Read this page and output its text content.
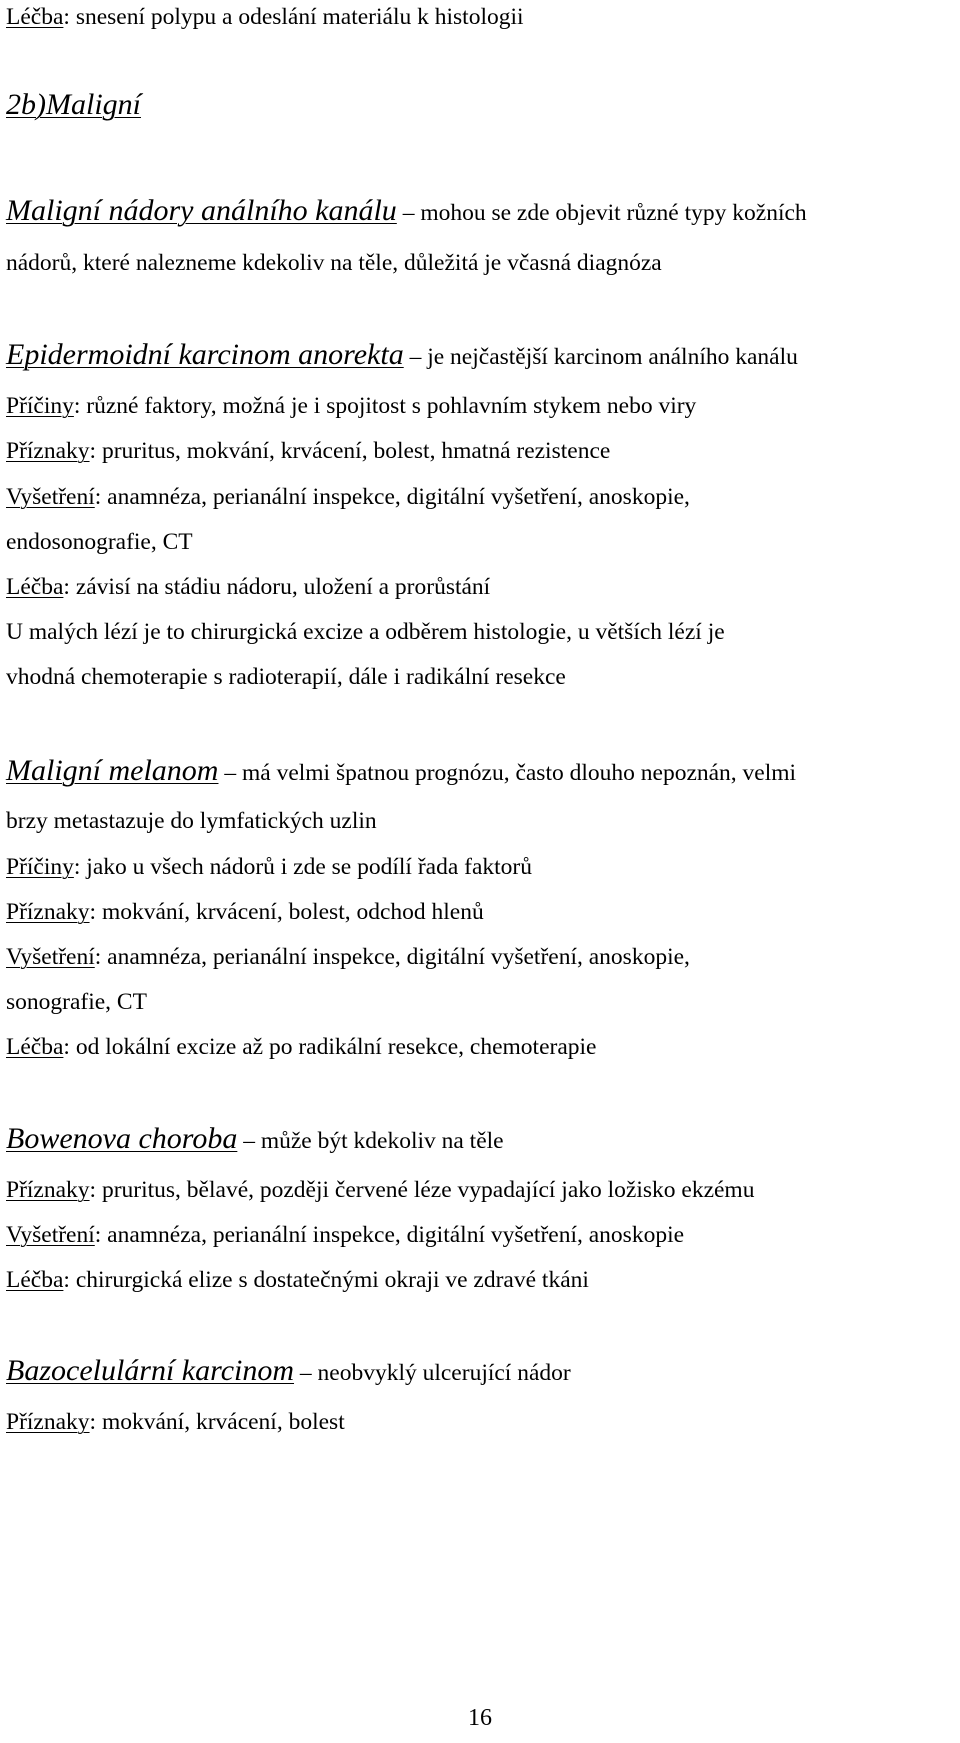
Léčba: snesení polypu a odeslání materiálu k histologii
2b)Maligní
Maligní nádory análního kanálu – mohou se zde objevit různé typy kožních
nádorů, které nalezneme kdekoliv na těle, důležitá je včasná diagnóza
Epidermoidní karcinom anorekta – je nejčastější karcinom análního kanálu
Příčiny: různé faktory, možná je i spojitost s pohlavním stykem nebo viry
Příznaky: pruritus, mokvání, krvácení, bolest, hmatná rezistence
Vyšetření: anamnéza, perianální inspekce, digitální vyšetření, anoskopie,
endosonografie, CT
Léčba: závisí na stádiu nádoru, uložení a prorůstání
U malých lézí je to chirurgická excize a odběrem histologie, u větších lézí je
vhodná chemoterapie s radioterapií, dále i radikální resekce
Maligní melanom – má velmi špatnou prognózu, často dlouho nepoznán, velmi
brzy metastazuje do lymfatických uzlin
Příčiny: jako u všech nádorů i zde se podílí řada faktorů
Příznaky: mokvání, krvácení, bolest, odchod hlenů
Vyšetření: anamnéza, perianální inspekce, digitální vyšetření, anoskopie,
sonografie, CT
Léčba: od lokální excize až po radikální resekce, chemoterapie
Bowenova choroba – může být kdekoliv na těle
Příznaky: pruritus, bělavé, později červené léze vypadající jako ložisko ekzému
Vyšetření: anamnéza, perianální inspekce, digitální vyšetření, anoskopie
Léčba: chirurgická elize s dostatečnými okraji ve zdravé tkáni
Bazocelulární karcinom – neobvyklý ulcerující nádor
Příznaky: mokvání, krvácení, bolest
16
